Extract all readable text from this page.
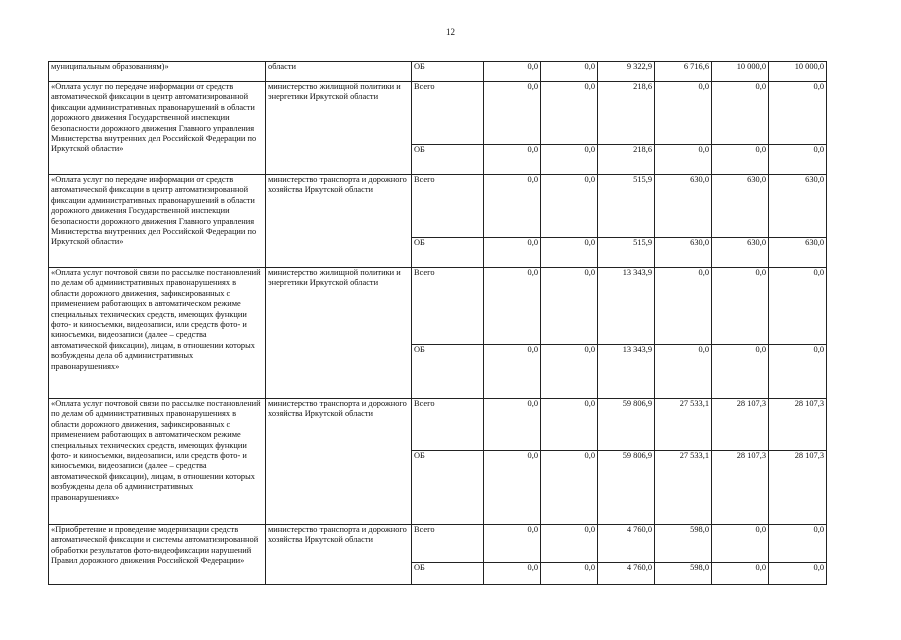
12
муниципальным образованиям)»	области	ОБ	0,0	0,0	9 322,9	6 716,6	10 000,0	10 000,0
«Оплата услуг по передаче информации от средств автоматической фиксации в центр автоматизированной фиксации административных правонарушений в области дорожного движения Государственной инспекции безопасности дорожного движения Главного управления Министерства внутренних дел Российской Федерации по Иркутской области»	министерство жилищной политики и энергетики Иркутской области	Всего	0,0	0,0	218,6	0,0	0,0	0,0
		ОБ	0,0	0,0	218,6	0,0	0,0	0,0
«Оплата услуг по передаче информации от средств автоматической фиксации в центр автоматизированной фиксации административных правонарушений в области дорожного движения Государственной инспекции безопасности дорожного движения Главного управления Министерства внутренних дел Российской Федерации по Иркутской области»	министерство транспорта и дорожного хозяйства Иркутской области	Всего	0,0	0,0	515,9	630,0	630,0	630,0
		ОБ	0,0	0,0	515,9	630,0	630,0	630,0
«Оплата услуг почтовой связи по рассылке постановлений по делам об административных правонарушениях в области дорожного движения, зафиксированных с применением работающих в автоматическом режиме специальных технических средств, имеющих функции фото- и киносъемки, видеозаписи, или средств фото- и киносъемки, видеозаписи (далее – средства автоматической фиксации), лицам, в отношении которых возбуждены дела об административных правонарушениях»	министерство жилищной политики и энергетики Иркутской области	Всего	0,0	0,0	13 343,9	0,0	0,0	0,0
		ОБ	0,0	0,0	13 343,9	0,0	0,0	0,0
«Оплата услуг почтовой связи по рассылке постановлений по делам об административных правонарушениях в области дорожного движения, зафиксированных с применением работающих в автоматическом режиме специальных технических средств, имеющих функции фото- и киносъемки, видеозаписи, или средств фото- и киносъемки, видеозаписи (далее – средства автоматической фиксации), лицам, в отношении которых возбуждены дела об административных правонарушениях»	министерство транспорта и дорожного хозяйства Иркутской области	Всего	0,0	0,0	59 806,9	27 533,1	28 107,3	28 107,3
		ОБ	0,0	0,0	59 806,9	27 533,1	28 107,3	28 107,3
«Приобретение и проведение модернизации средств автоматической фиксации и системы автоматизированной обработки результатов фото-видеофиксации нарушений Правил дорожного движения Российской Федерации»	министерство транспорта и дорожного хозяйства Иркутской области	Всего	0,0	0,0	4 760,0	598,0	0,0	0,0
		ОБ	0,0	0,0	4 760,0	598,0	0,0	0,0
